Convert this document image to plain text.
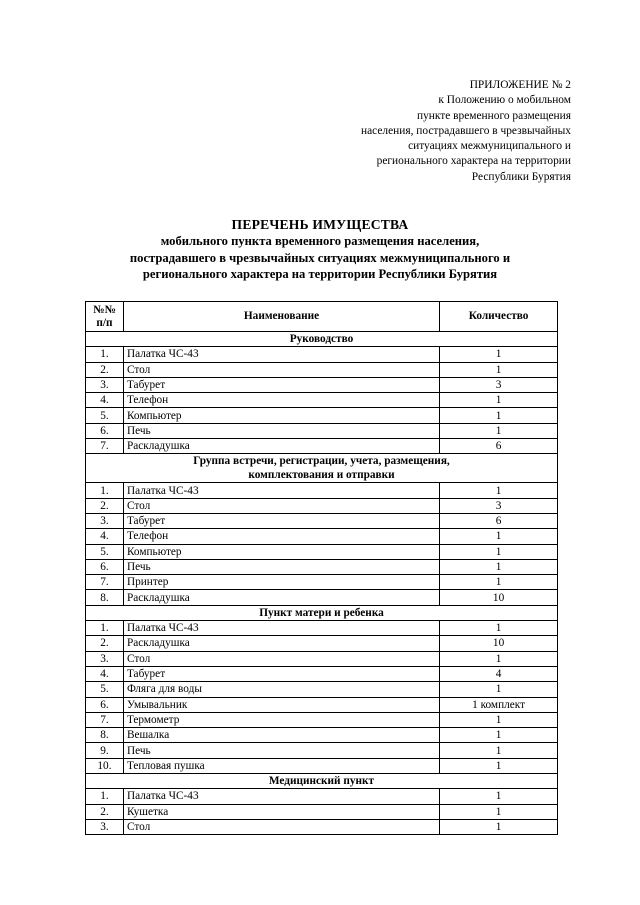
ПРИЛОЖЕНИЕ № 2
к Положению о мобильном
пункте временного размещения
населения, пострадавшего в чрезвычайных
ситуациях межмуниципального и
регионального характера на территории
Республики Бурятия
ПЕРЕЧЕНЬ ИМУЩЕСТВА
мобильного пункта временного размещения населения,
пострадавшего в чрезвычайных ситуациях межмуниципального и
регионального характера на территории Республики Бурятия
№№
п/п	Наименование	Количество
Руководство		
1.	Палатка ЧС-43	1
2.	Стол	1
3.	Табурет	3
4.	Телефон	1
5.	Компьютер	1
6.	Печь	1
7.	Раскладушка	6
Группа встречи, регистрации, учета, размещения,
комплектования и отправки		
1.	Палатка ЧС-43	1
2.	Стол	3
3.	Табурет	6
4.	Телефон	1
5.	Компьютер	1
6.	Печь	1
7.	Принтер	1
8.	Раскладушка	10
Пункт матери и ребенка		
1.	Палатка ЧС-43	1
2.	Раскладушка	10
3.	Стол	1
4.	Табурет	4
5.	Фляга для воды	1
6.	Умывальник	1 комплект
7.	Термометр	1
8.	Вешалка	1
9.	Печь	1
10.	Тепловая пушка	1
Медицинский пункт		
1.	Палатка ЧС-43	1
2.	Кушетка	1
3.	Стол	1
